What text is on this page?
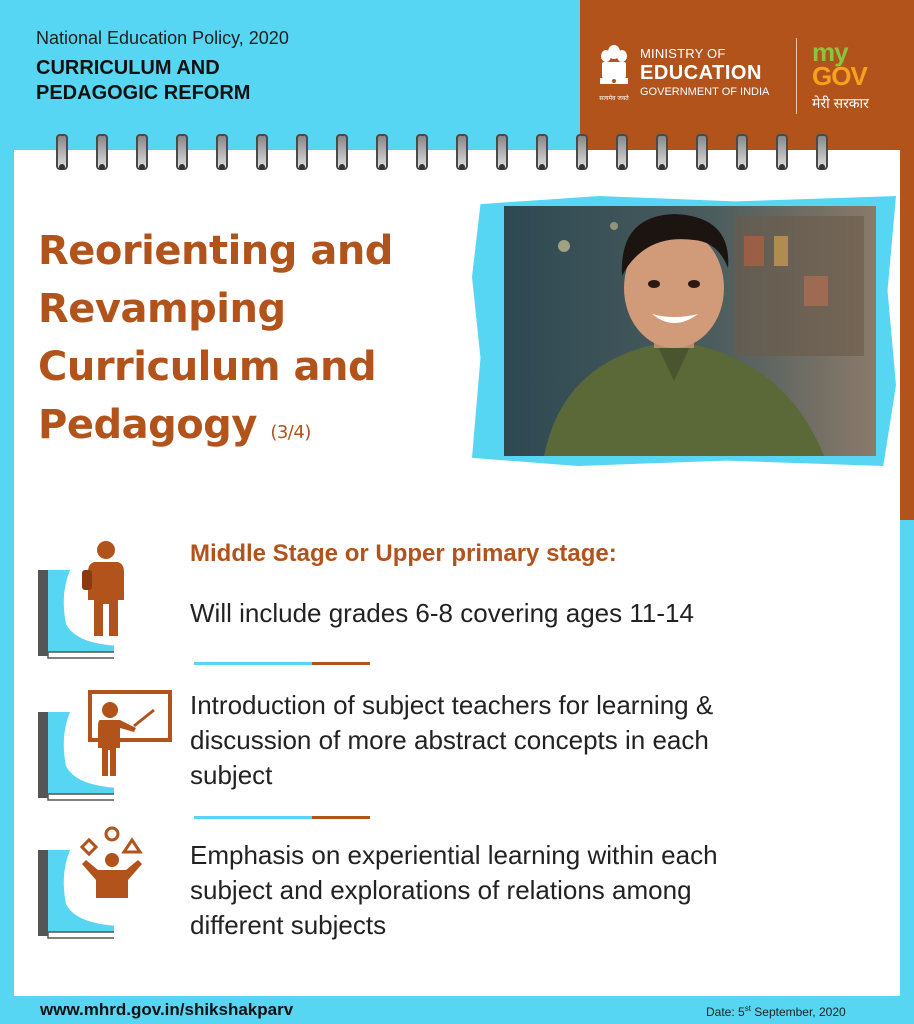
National Education Policy, 2020
CURRICULUM AND
PEDAGOGIC REFORM	सत्यमेव जयते
MINISTRY OF
EDUCATION
GOVERNMENT OF INDIA
my
GOV
मेरी सरकार
Reorienting and
Revamping
Curriculum and
Pedagogy (3/4)
Middle Stage or Upper primary stage:
Will include grades 6-8 covering ages 11-14
Introduction of subject teachers for learning &
discussion of more abstract concepts in each
subject
Emphasis on experiential learning within each
subject and explorations of relations among
different subjects
www.mhrd.gov.in/shikshakparv	Date: 5st September, 2020
